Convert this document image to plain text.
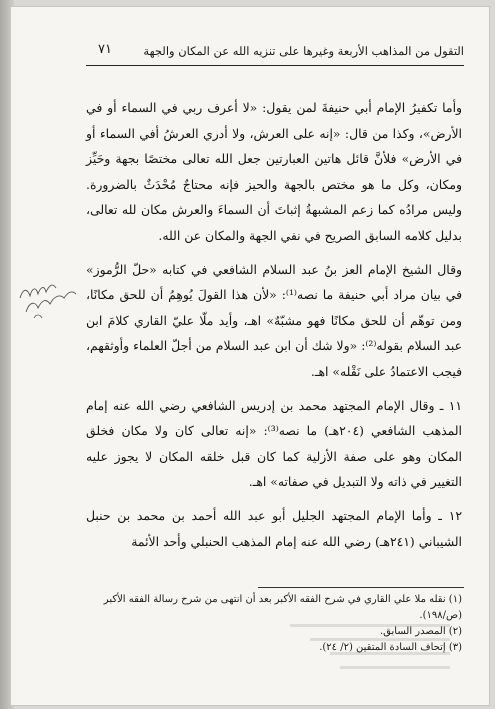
التقول من المذاهب الأربعة وغيرها على تنزيه الله عن المكان والجهة
٧١

وأما تكفيرُ الإمام أبي حنيفةَ لمن يقول: «لا أعرف ربي في السماء أو في الأرض»، وكذا من قال: «إنه على العرش، ولا أدري العرشُ أفي السماء أو في الأرض» فلأنَّ قائل هاتين العبارتين جعل الله تعالى مختصًا بجهة وحَيِّز ومكان، وكل ما هو مختص بالجهة والحيز فإنه محتاجٌ مُحْدَثٌ بالضرورة. وليس مرادُه كما زعم المشبهةُ إثباتَ أن السماءَ والعرش مكان لله تعالى، بدليل كلامه السابق الصريح في نفي الجهة والمكان عن الله.

وقال الشيخ الإمام العز بنُ عبد السلام الشافعي في كتابه «حلّ الرُّموز» في بيان مراد أبي حنيفة ما نصه⁽¹⁾: «لأن هذا القولَ يُوهِمُ أن للحق مكانًا، ومن توهّم أن للحق مكانًا فهو مشبّهٌ» اهـ، وأيد ملّا عليّ القاري كلامَ ابن عبد السلام بقوله⁽²⁾: «ولا شك أن ابن عبد السلام من أجلّ العلماء وأوثقهم، فيجب الاعتمادُ على نَقْله» اهـ.

١١ ـ وقال الإمام المجتهد محمد بن إدريس الشافعي رضي الله عنه إمام المذهب الشافعي (٢٠٤هـ) ما نصه⁽³⁾: «إنه تعالى كان ولا مكان فخلق المكان وهو على صفة الأزلية كما كان قبل خلقه المكان لا يجوز عليه التغيير في ذاته ولا التبديل في صفاته» اهـ.

١٢ ـ وأما الإمام المجتهد الجليل أبو عبد الله أحمد بن محمد بن حنبل الشيباني (٢٤١هـ) رضي الله عنه إمام المذهب الحنبلي وأحد الأئمة

(١) نقله ملا علي القاري في شرح الفقه الأكبر بعد أن انتهى من شرح رسالة الفقه الأكبر (ص/١٩٨).

(٢) المصدر السابق.

(٣) إتحاف السادة المتقين (٢/ ٢٤).
